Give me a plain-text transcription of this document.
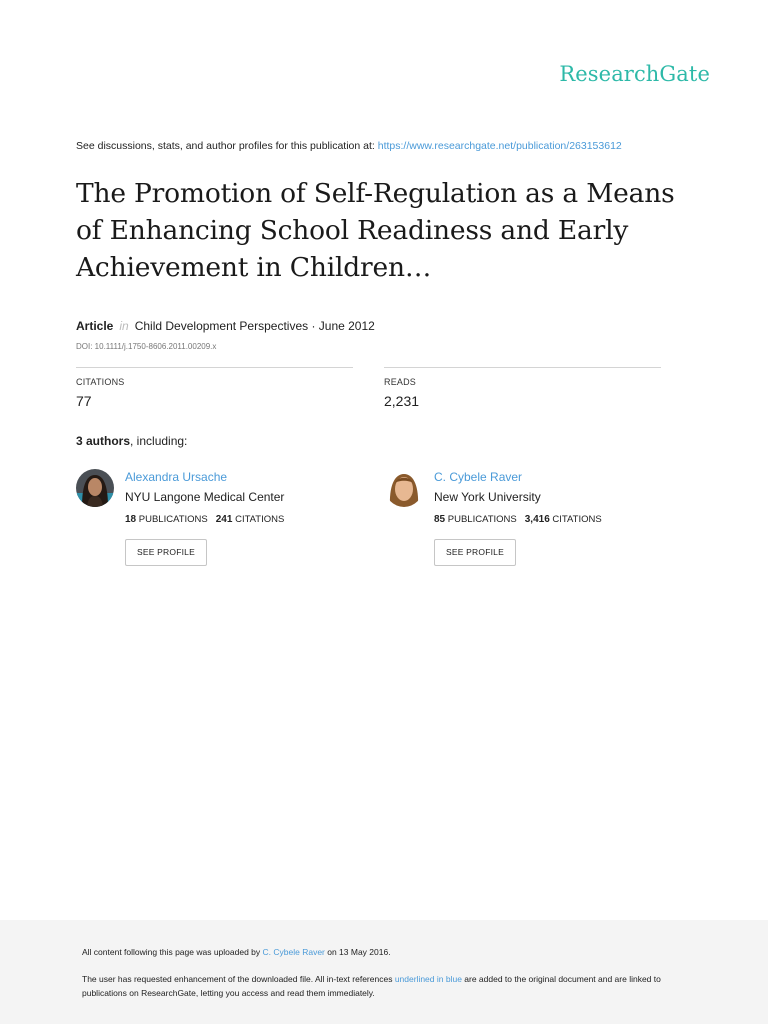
ResearchGate
See discussions, stats, and author profiles for this publication at: https://www.researchgate.net/publication/263153612
The Promotion of Self-Regulation as a Means of Enhancing School Readiness and Early Achievement in Children…
Article in Child Development Perspectives · June 2012
DOI: 10.1111/j.1750-8606.2011.00209.x
CITATIONS
77
READS
2,231
3 authors, including:
Alexandra Ursache
NYU Langone Medical Center
18 PUBLICATIONS 241 CITATIONS
SEE PROFILE
C. Cybele Raver
New York University
85 PUBLICATIONS 3,416 CITATIONS
SEE PROFILE
All content following this page was uploaded by C. Cybele Raver on 13 May 2016.
The user has requested enhancement of the downloaded file. All in-text references underlined in blue are added to the original document and are linked to publications on ResearchGate, letting you access and read them immediately.
